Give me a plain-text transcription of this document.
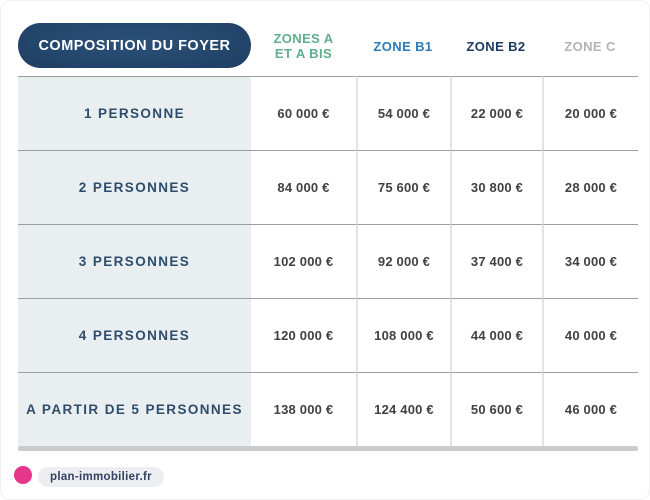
COMPOSITION DU FOYER	ZONES A ET A BIS	ZONE B1	ZONE B2	ZONE C
1 PERSONNE	60 000 €	54 000 €	22 000 €	20 000 €
2 PERSONNES	84 000 €	75 600 €	30 800 €	28 000 €
3 PERSONNES	102 000 €	92 000 €	37 400 €	34 000 €
4 PERSONNES	120 000 €	108 000 €	44 000 €	40 000 €
A PARTIR DE 5 PERSONNES	138 000 €	124 400 €	50 600 €	46 000 €
plan-immobilier.fr
